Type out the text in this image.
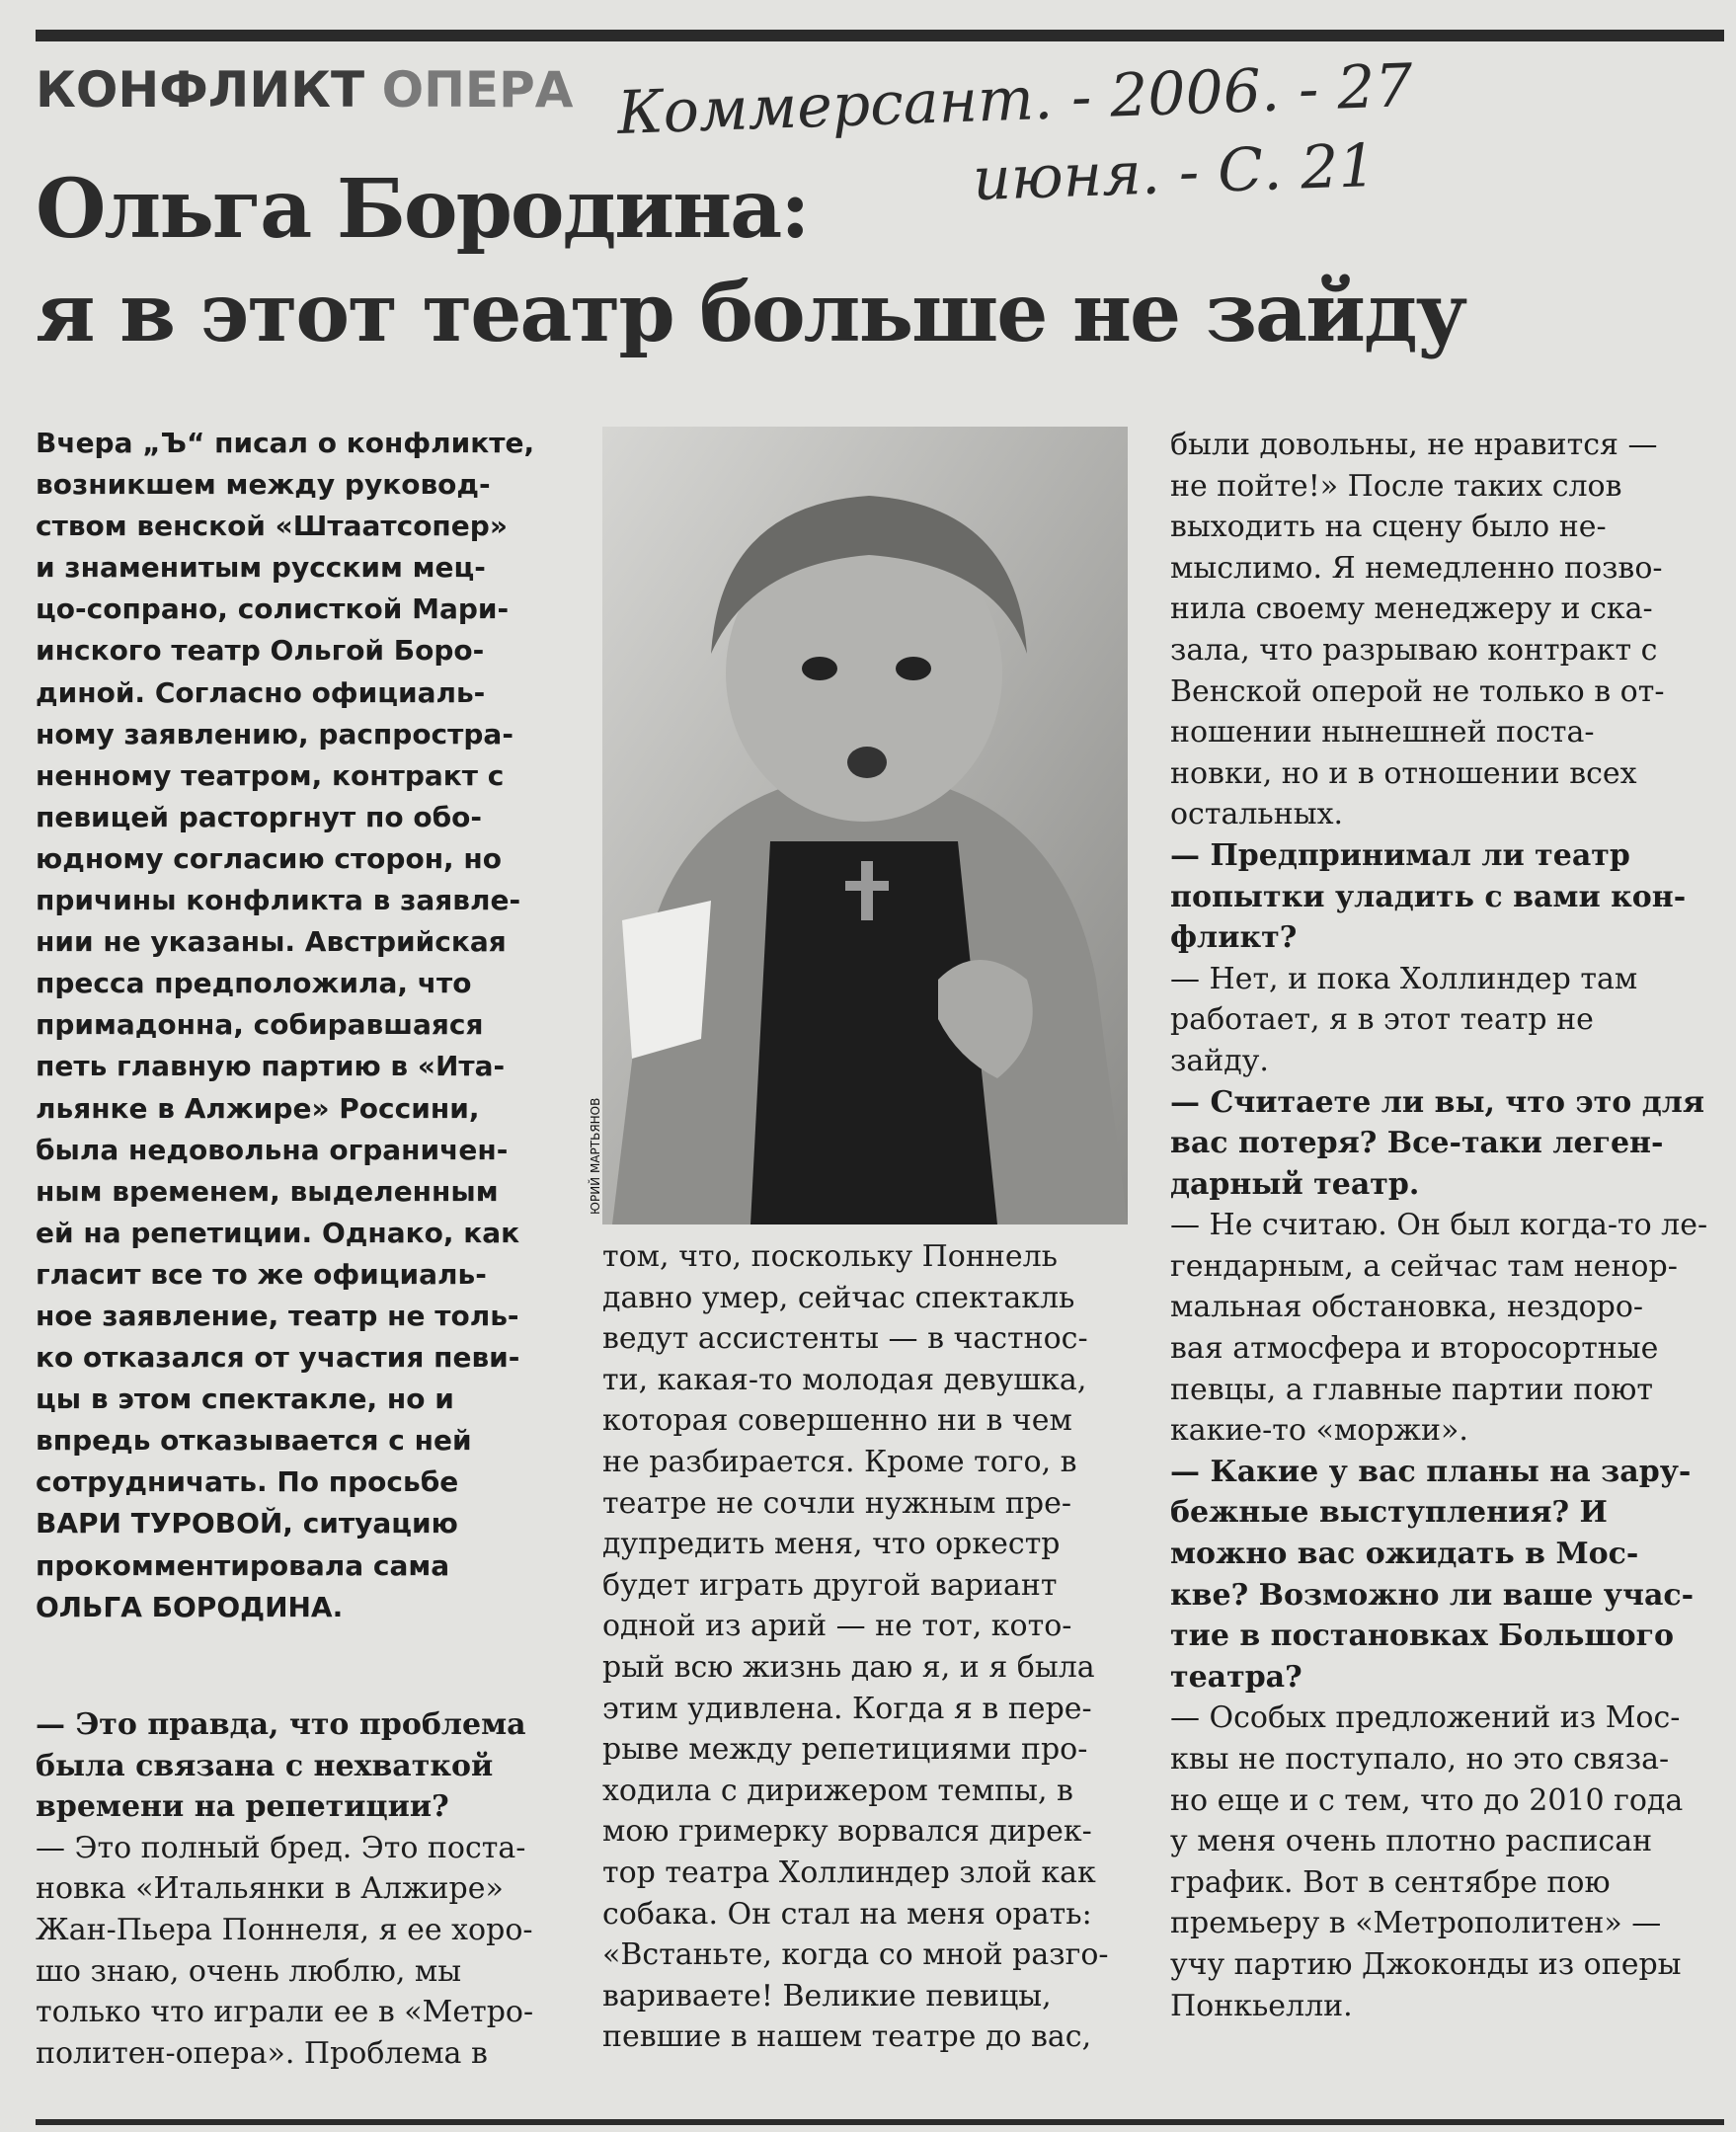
КОНФЛИКТ ОПЕРА Коммерсант. - 2006. - 27
июня. - С. 21
Ольга Бородина:
я в этот театр больше не зайду
Вчера „Ъ“ писал о конфликте,
возникшем между руковод-
ством венской «Штаатсопер»
и знаменитым русским мец-
цо-сопрано, солисткой Мари-
инского театр Ольгой Боро-
диной. Согласно официаль-
ному заявлению, распростра-
ненному театром, контракт с
певицей расторгнут по обо-
юдному согласию сторон, но
причины конфликта в заявле-
нии не указаны. Австрийская
пресса предположила, что
примадонна, собиравшаяся
петь главную партию в «Ита-
льянке в Алжире» Россини,
была недовольна ограничен-
ным временем, выделенным
ей на репетиции. Однако, как
гласит все то же официаль-
ное заявление, театр не толь-
ко отказался от участия певи-
цы в этом спектакле, но и
впредь отказывается с ней
сотрудничать. По просьбе
ВАРИ ТУРОВОЙ, ситуацию
прокомментировала сама
ОЛЬГА БОРОДИНА.
— Это правда, что проблема
была связана с нехваткой
времени на репетиции?
— Это полный бред. Это поста-
новка «Итальянки в Алжире»
Жан-Пьера Поннеля, я ее хоро-
шо знаю, очень люблю, мы
только что играли ее в «Метро-
политен-опера». Проблема в
ЮРИЙ МАРТЬЯНОВ
том, что, поскольку Поннель
давно умер, сейчас спектакль
ведут ассистенты — в частнос-
ти, какая-то молодая девушка,
которая совершенно ни в чем
не разбирается. Кроме того, в
театре не сочли нужным пре-
дупредить меня, что оркестр
будет играть другой вариант
одной из арий — не тот, кото-
рый всю жизнь даю я, и я была
этим удивлена. Когда я в пере-
рыве между репетициями про-
ходила с дирижером темпы, в
мою гримерку ворвался дирек-
тор театра Холлиндер злой как
собака. Он стал на меня орать:
«Встаньте, когда со мной разго-
вариваете! Великие певицы,
певшие в нашем театре до вас,
были довольны, не нравится —
не пойте!» После таких слов
выходить на сцену было не-
мыслимо. Я немедленно позво-
нила своему менеджеру и ска-
зала, что разрываю контракт с
Венской оперой не только в от-
ношении нынешней поста-
новки, но и в отношении всех
остальных.
— Предпринимал ли театр
попытки уладить с вами кон-
фликт?
— Нет, и пока Холлиндер там
работает, я в этот театр не
зайду.
— Считаете ли вы, что это для
вас потеря? Все-таки леген-
дарный театр.
— Не считаю. Он был когда-то ле-
гендарным, а сейчас там ненор-
мальная обстановка, нездоро-
вая атмосфера и второсортные
певцы, а главные партии поют
какие-то «моржи».
— Какие у вас планы на зару-
бежные выступления? И
можно вас ожидать в Мос-
кве? Возможно ли ваше учас-
тие в постановках Большого
театра?
— Особых предложений из Мос-
квы не поступало, но это связа-
но еще и с тем, что до 2010 года
у меня очень плотно расписан
график. Вот в сентябре пою
премьеру в «Метрополитен» —
учу партию Джоконды из оперы
Понкьелли.
